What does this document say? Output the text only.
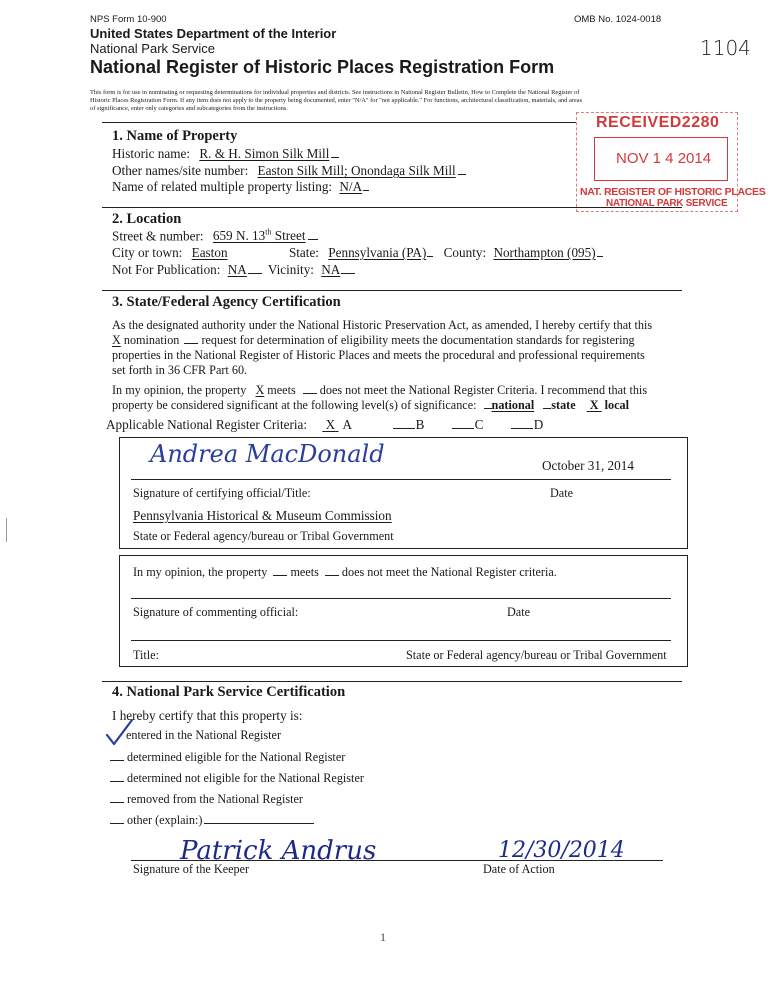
NPS Form 10-900	OMB No. 1024-0018
United States Department of the Interior
National Park Service
National Register of Historic Places Registration Form
1104
This form is for use in nominating or requesting determinations for individual properties and districts. See instructions in National Register Bulletin, How to Complete the National Register of
Historic Places Registration Form. If any item does not apply to the property being documented, enter "N/A" for "not applicable." For functions, architectural classification, materials, and areas
of significance, enter only categories and subcategories from the instructions.
RECEIVED2280
NOV 1 4 2014
NAT. REGISTER OF HISTORIC PLACES
NATIONAL PARK SERVICE
1. Name of Property
Historic name: R. & H. Simon Silk Mill
Other names/site number: Easton Silk Mill; Onondaga Silk Mill
Name of related multiple property listing: N/A
2. Location
Street & number: 659 N. 13th Street
City or town: Easton	State: Pennsylvania (PA) County: Northampton (095)
Not For Publication: NA Vicinity: NA
3. State/Federal Agency Certification
As the designated authority under the National Historic Preservation Act, as amended, I hereby certify that this
X nomination request for determination of eligibility meets the documentation standards for registering
properties in the National Register of Historic Places and meets the procedural and professional requirements
set forth in 36 CFR Part 60.
In my opinion, the property X meets does not meet the National Register Criteria. I recommend that this
property be considered significant at the following level(s) of significance: national state X local
Applicable National Register Criteria: X A	B	C	D
Andrea MacDonald	October 31, 2014
Signature of certifying official/Title:	Date
Pennsylvania Historical & Museum Commission
State or Federal agency/bureau or Tribal Government
In my opinion, the property meets does not meet the National Register criteria.
Signature of commenting official:	Date
Title:	State or Federal agency/bureau or Tribal Government
4. National Park Service Certification
I hereby certify that this property is:
entered in the National Register
determined eligible for the National Register
determined not eligible for the National Register
removed from the National Register
other (explain:)
Patrick Andrus	12/30/2014
Signature of the Keeper	Date of Action
1
